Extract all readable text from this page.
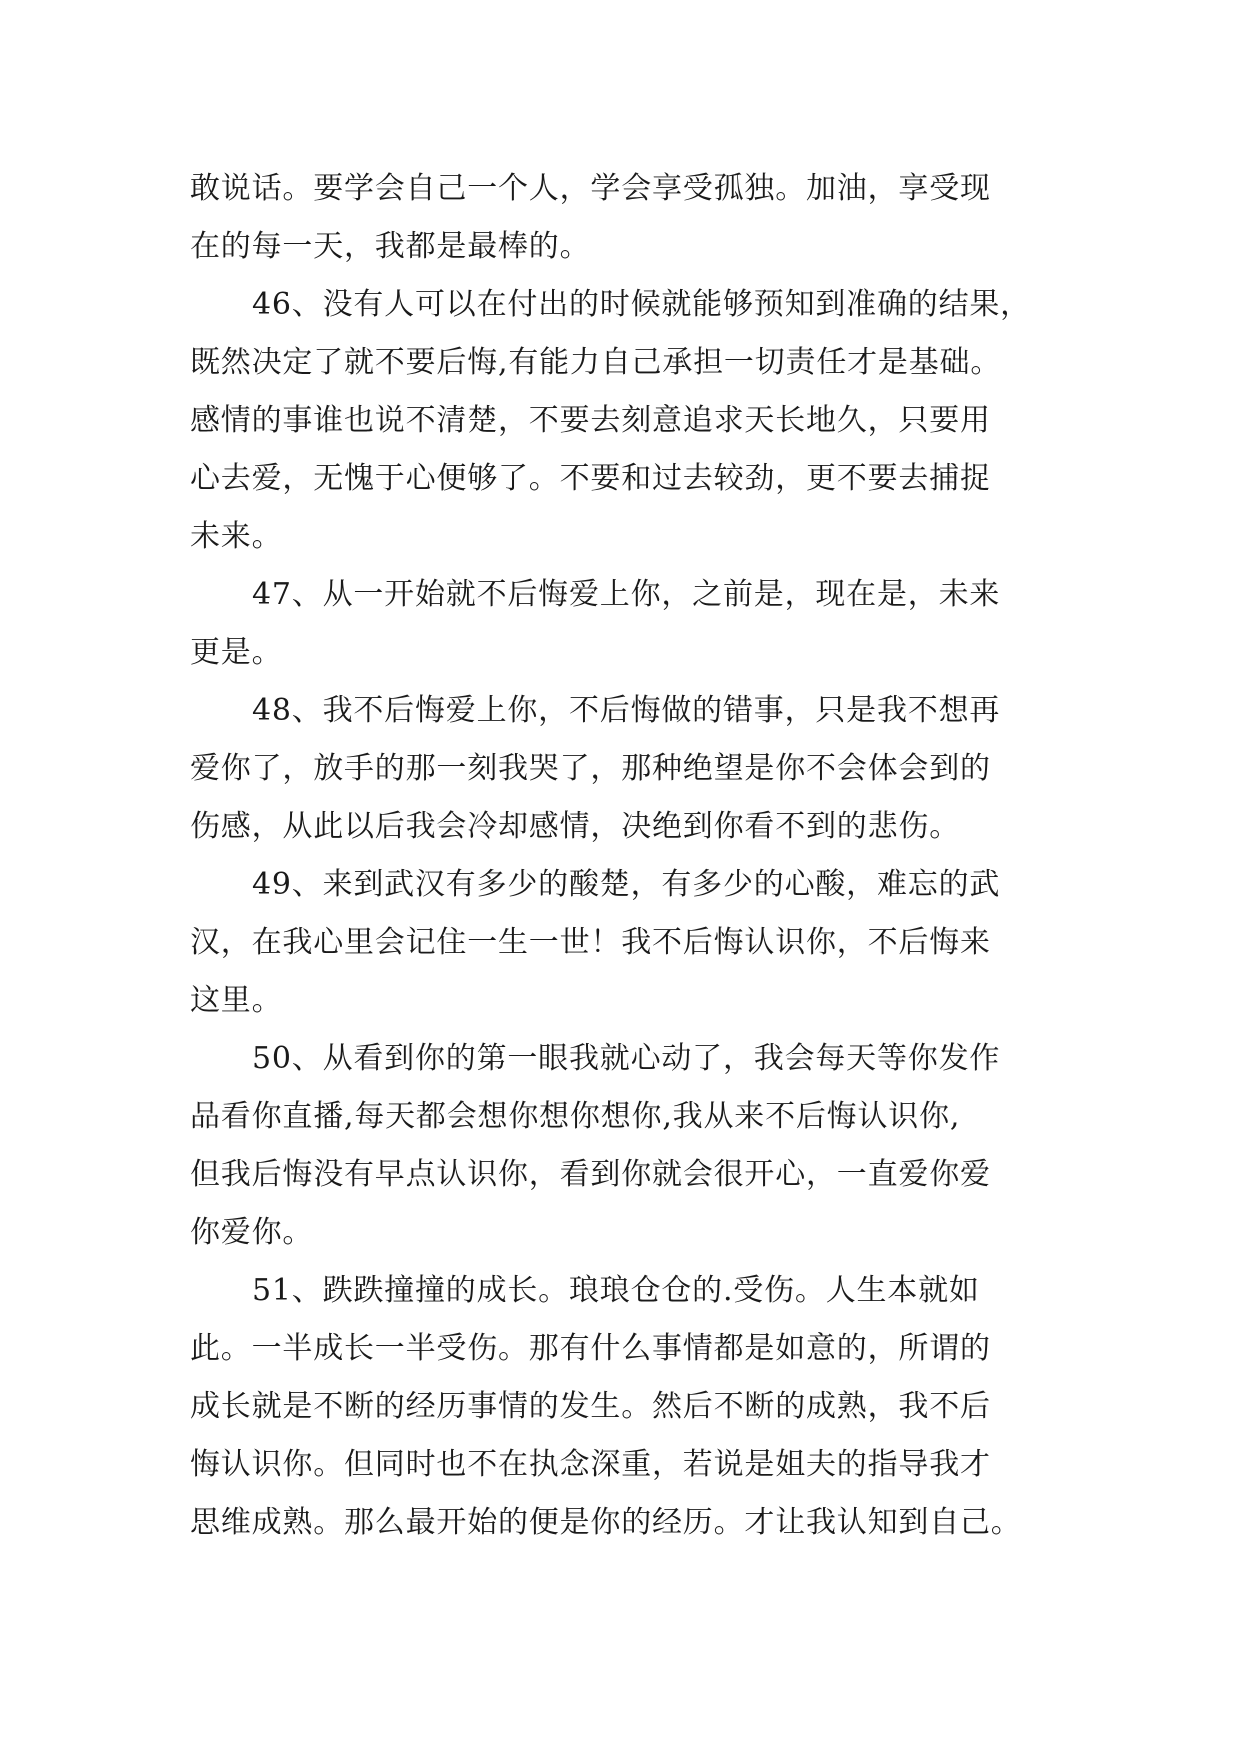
敢说话。要学会自己一个人，学会享受孤独。加油，享受现
在的每一天，我都是最棒的。
46、没有人可以在付出的时候就能够预知到准确的结果，
既然决定了就不要后悔,有能力自己承担一切责任才是基础。
感情的事谁也说不清楚，不要去刻意追求天长地久，只要用
心去爱，无愧于心便够了。不要和过去较劲，更不要去捕捉
未来。
47、从一开始就不后悔爱上你，之前是，现在是，未来
更是。
48、我不后悔爱上你，不后悔做的错事，只是我不想再
爱你了，放手的那一刻我哭了，那种绝望是你不会体会到的
伤感，从此以后我会冷却感情，决绝到你看不到的悲伤。
49、来到武汉有多少的酸楚，有多少的心酸，难忘的武
汉，在我心里会记住一生一世！我不后悔认识你，不后悔来
这里。
50、从看到你的第一眼我就心动了，我会每天等你发作
品看你直播,每天都会想你想你想你,我从来不后悔认识你,
但我后悔没有早点认识你，看到你就会很开心，一直爱你爱
你爱你。
51、跌跌撞撞的成长。琅琅仓仓的.受伤。人生本就如
此。一半成长一半受伤。那有什么事情都是如意的，所谓的
成长就是不断的经历事情的发生。然后不断的成熟，我不后
悔认识你。但同时也不在执念深重，若说是姐夫的指导我才
思维成熟。那么最开始的便是你的经历。才让我认知到自己。
